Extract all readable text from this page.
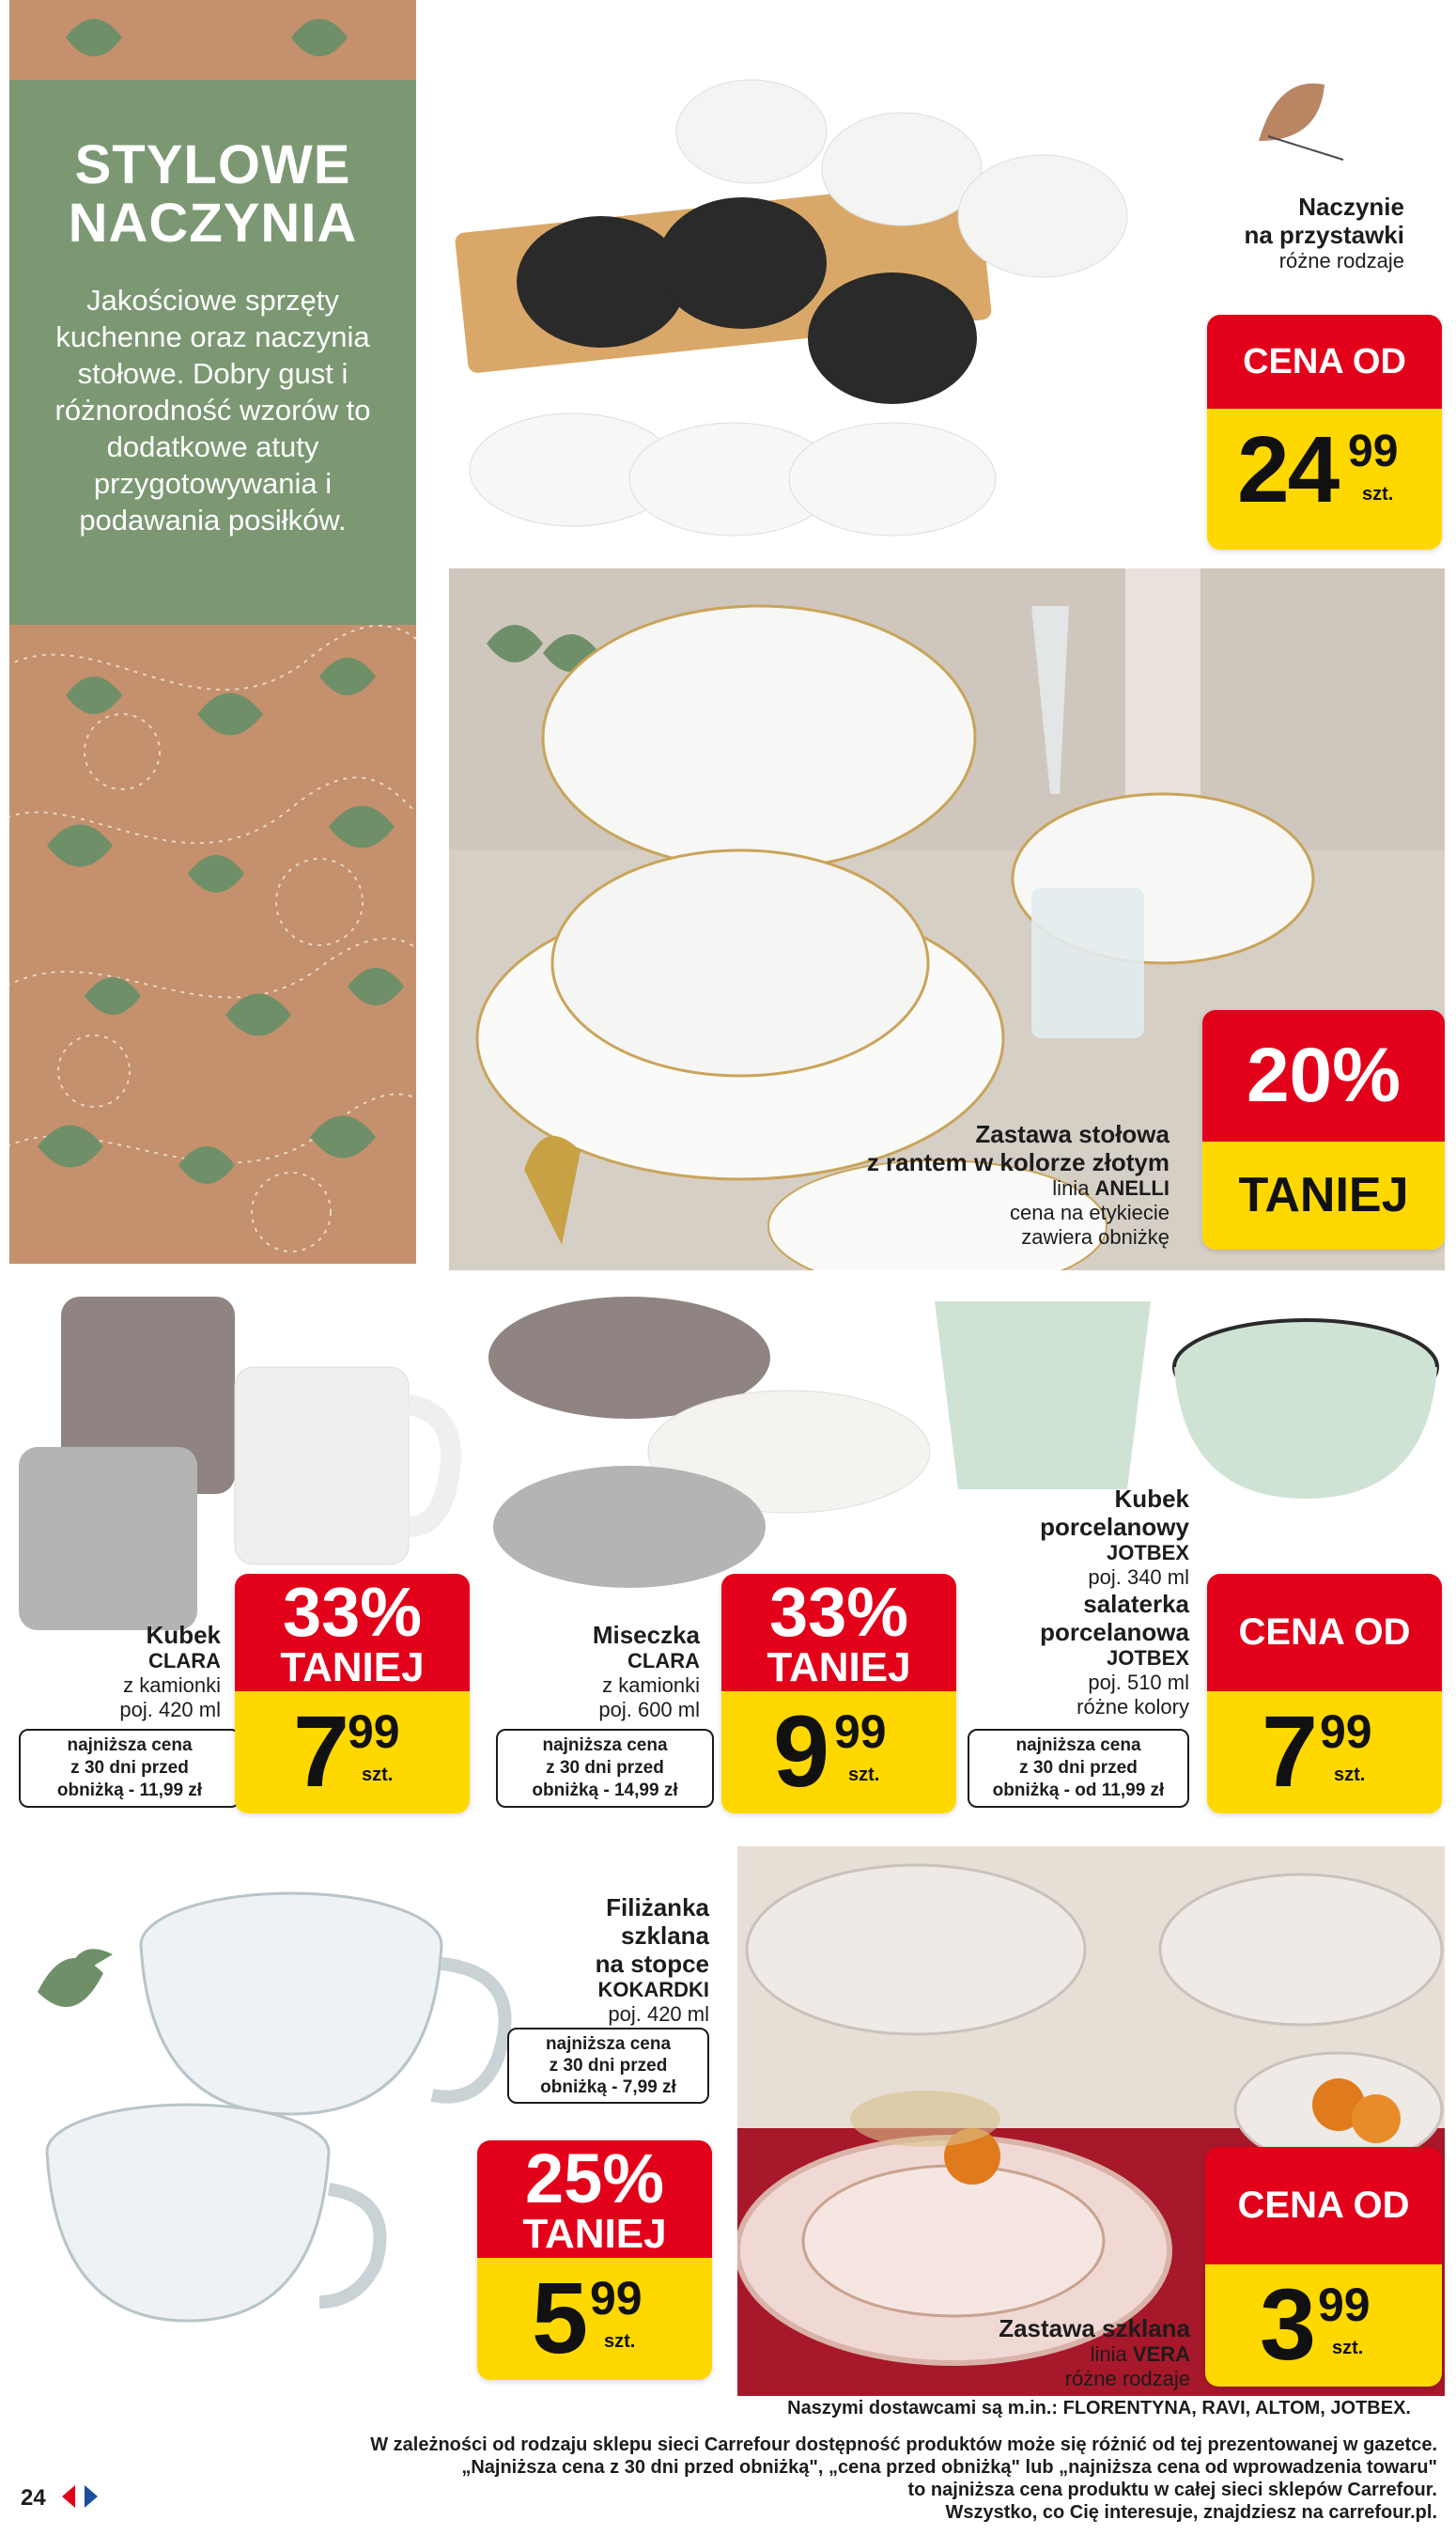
STYLOWE
NACZYNIA
Jakościowe sprzęty kuchenne oraz naczynia stołowe. Dobry gust i różnorodność wzorów to dodatkowe atuty przygotowywania i podawania posiłków.
Naczynie
na przystawki
różne rodzaje
CENA OD
24 99
szt.
Zastawa stołowa
z rantem w kolorze złotym
linia ANELLI
cena na etykiecie
zawiera obniżkę
20%
TANIEJ
Kubek
CLARA
z kamionki
poj. 420 ml
najniższa cena
z 30 dni przed
obniżką - 11,99 zł
33%
TANIEJ
7 99
szt.
Miseczka
CLARA
z kamionki
poj. 600 ml
najniższa cena
z 30 dni przed
obniżką - 14,99 zł
33%
TANIEJ
9 99
szt.
Kubek
porcelanowy
JOTBEX
poj. 340 ml
salaterka
porcelanowa
JOTBEX
poj. 510 ml
różne kolory
najniższa cena
z 30 dni przed
obniżką - od 11,99 zł
CENA OD
7 99
szt.
Filiżanka
szklana
na stopce
KOKARDKI
poj. 420 ml
najniższa cena
z 30 dni przed
obniżką - 7,99 zł
25%
TANIEJ
5 99
szt.	Zastawa szklana
linia VERA
różne rodzaje
CENA OD
3 99
szt.
Naszymi dostawcami są m.in.: FLORENTYNA, RAVI, ALTOM, JOTBEX.
W zależności od rodzaju sklepu sieci Carrefour dostępność produktów może się różnić od tej prezentowanej w gazetce.
„Najniższa cena z 30 dni przed obniżką", „cena przed obniżką" lub „najniższa cena od wprowadzenia towaru"
to najniższa cena produktu w całej sieci sklepów Carrefour.
Wszystko, co Cię interesuje, znajdziesz na carrefour.pl.
24
